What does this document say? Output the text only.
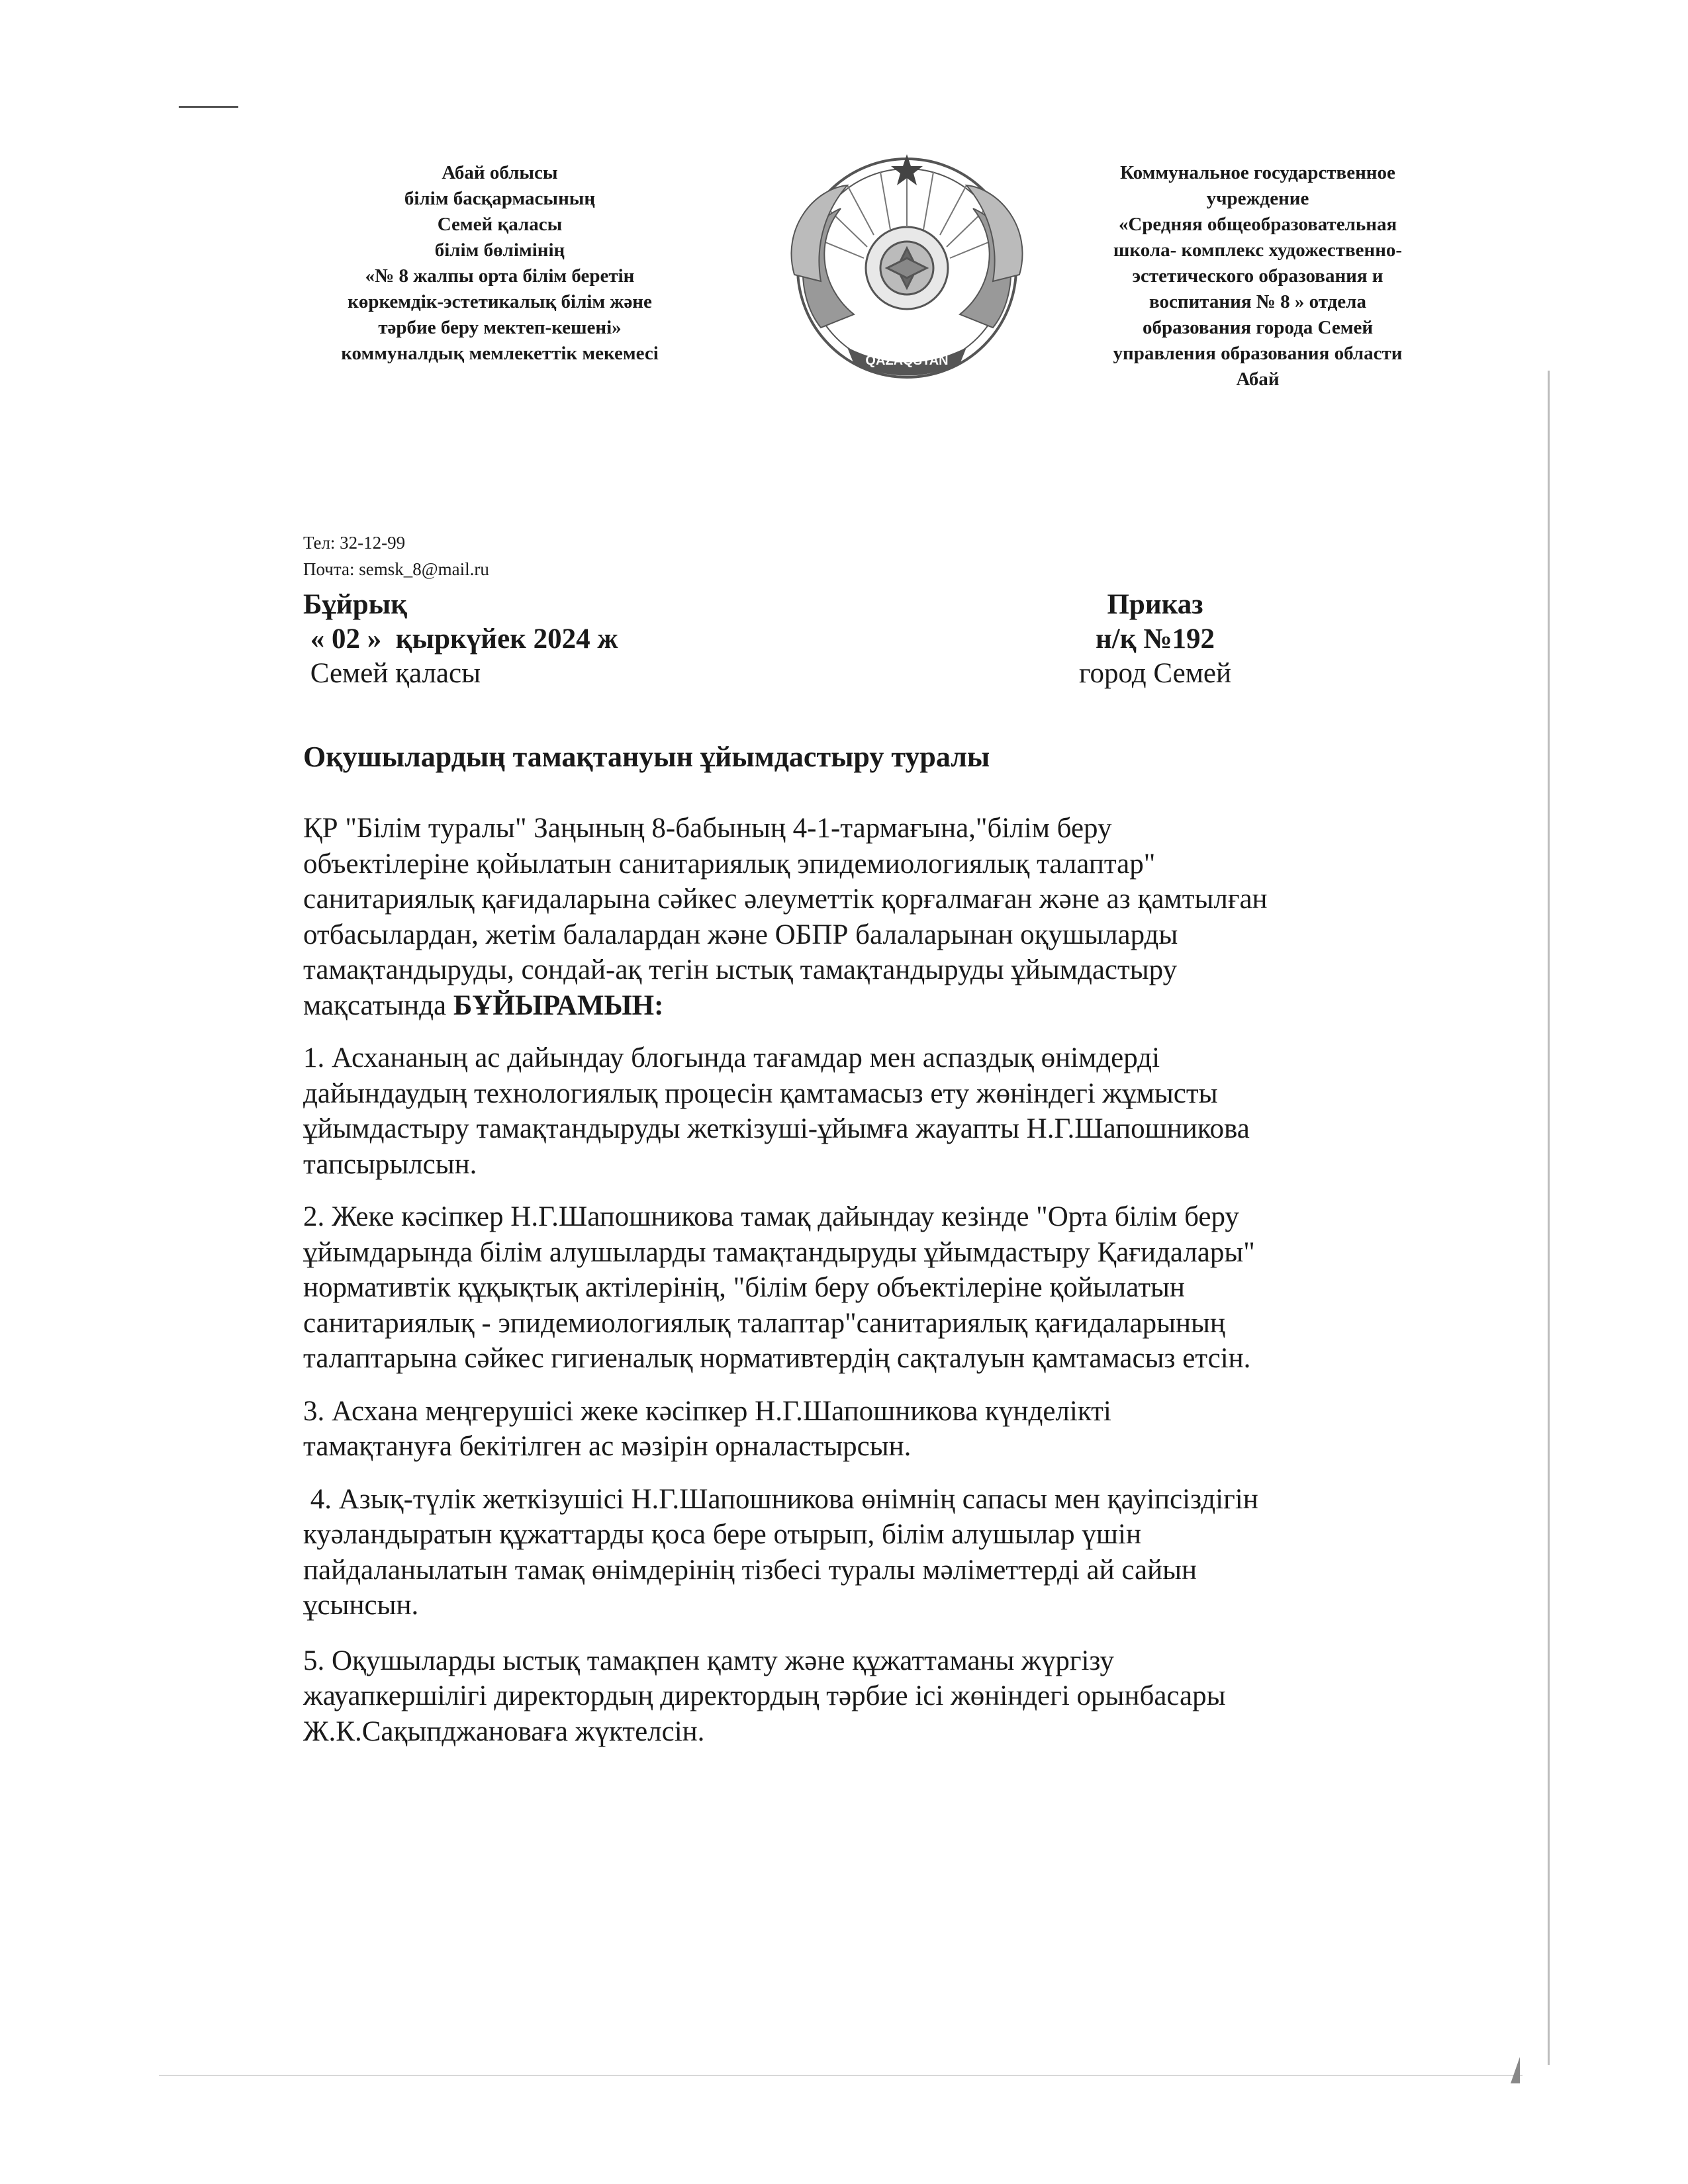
Абай облысы
білім басқармасының
Семей қаласы
білім бөлімінің
«№ 8 жалпы орта білім беретін
көркемдік-эстетикалық білім және
тәрбие беру мектеп-кешені»
коммуналдық мемлекеттік мекемесі	QAZAQSTAN
Коммунальное государственное
учреждение
«Средняя общеобразовательная
школа- комплекс художественно-
эстетического образования и
воспитания № 8 » отдела
образования города Семей
управления образования области
Абай
Тел: 32-12-99
Почта: semsk_8@mail.ru
Бұйрық
« 02 »  қыркүйек 2024 ж
Семей қаласы
Приказ
н/қ №192
город Семей
Оқушылардың тамақтануын ұйымдастыру туралы
ҚР "Білім туралы" Заңының 8-бабының 4-1-тармағына,"білім беру
объектілеріне қойылатын санитариялық эпидемиологиялық талаптар"
санитариялық қағидаларына сәйкес әлеуметтік қорғалмаған және аз қамтылған
отбасылардан, жетім балалардан және ОБПР балаларынан оқушыларды
тамақтандыруды, сондай-ақ тегін ыстық тамақтандыруды ұйымдастыру
мақсатында БҰЙЫРАМЫН:
1. Асхананың ас дайындау блогында тағамдар мен аспаздық өнімдерді
дайындаудың технологиялық процесін қамтамасыз ету жөніндегі жұмысты
ұйымдастыру тамақтандыруды жеткізуші-ұйымға жауапты Н.Г.Шапошникова
тапсырылсын.
2. Жеке кәсіпкер Н.Г.Шапошникова тамақ дайындау кезінде "Орта білім беру
ұйымдарында білім алушыларды тамақтандыруды ұйымдастыру Қағидалары"
нормативтік құқықтық актілерінің, "білім беру объектілеріне қойылатын
санитариялық - эпидемиологиялық талаптар"санитариялық қағидаларының
талаптарына сәйкес гигиеналық нормативтердің сақталуын қамтамасыз етсін.
3. Асхана меңгерушісі жеке кәсіпкер Н.Г.Шапошникова күнделікті
тамақтануға бекітілген ас мәзірін орналастырсын.
4. Азық-түлік жеткізушісі Н.Г.Шапошникова өнімнің сапасы мен қауіпсіздігін
куәландыратын құжаттарды қоса бере отырып, білім алушылар үшін
пайдаланылатын тамақ өнімдерінің тізбесі туралы мәліметтерді ай сайын
ұсынсын.
5. Оқушыларды ыстық тамақпен қамту және құжаттаманы жүргізу
жауапкершілігі директордың директордың тәрбие ісі жөніндегі орынбасары
Ж.К.Сақыпджановаға жүктелсін.
